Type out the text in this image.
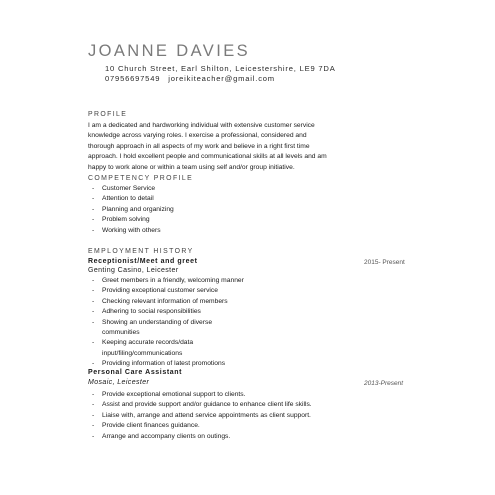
JOANNE DAVIES
10 Church Street, Earl Shilton, Leicestershire, LE9 7DA
07956697549 joreikiteacher@gmail.com
PROFILE
I am a dedicated and hardworking individual with extensive customer service
knowledge across varying roles. I exercise a professional, considered and
thorough approach in all aspects of my work and believe in a right first time
approach. I hold excellent people and communicational skills at all levels and am
happy to work alone or within a team using self and/or group initiative.
COMPETENCY PROFILE
- Customer Service
- Attention to detail
- Planning and organizing
- Problem solving
- Working with others
EMPLOYMENT HISTORY
Receptionist/Meet and greet	2015- Present
Genting Casino, Leicester
- Greet members in a friendly, welcoming manner
- Providing exceptional customer service
- Checking relevant information of members
- Adhering to social responsibilities
- Showing an understanding of diverse
communities
- Keeping accurate records/data
input/filing/communications
- Providing information of latest promotions
Personal Care Assistant
Mosaic, Leicester	2013-Present
- Provide exceptional emotional support to clients.
- Assist and provide support and/or guidance to enhance client life skills.
- Liaise with, arrange and attend service appointments as client support.
- Provide client finances guidance.
- Arrange and accompany clients on outings.
